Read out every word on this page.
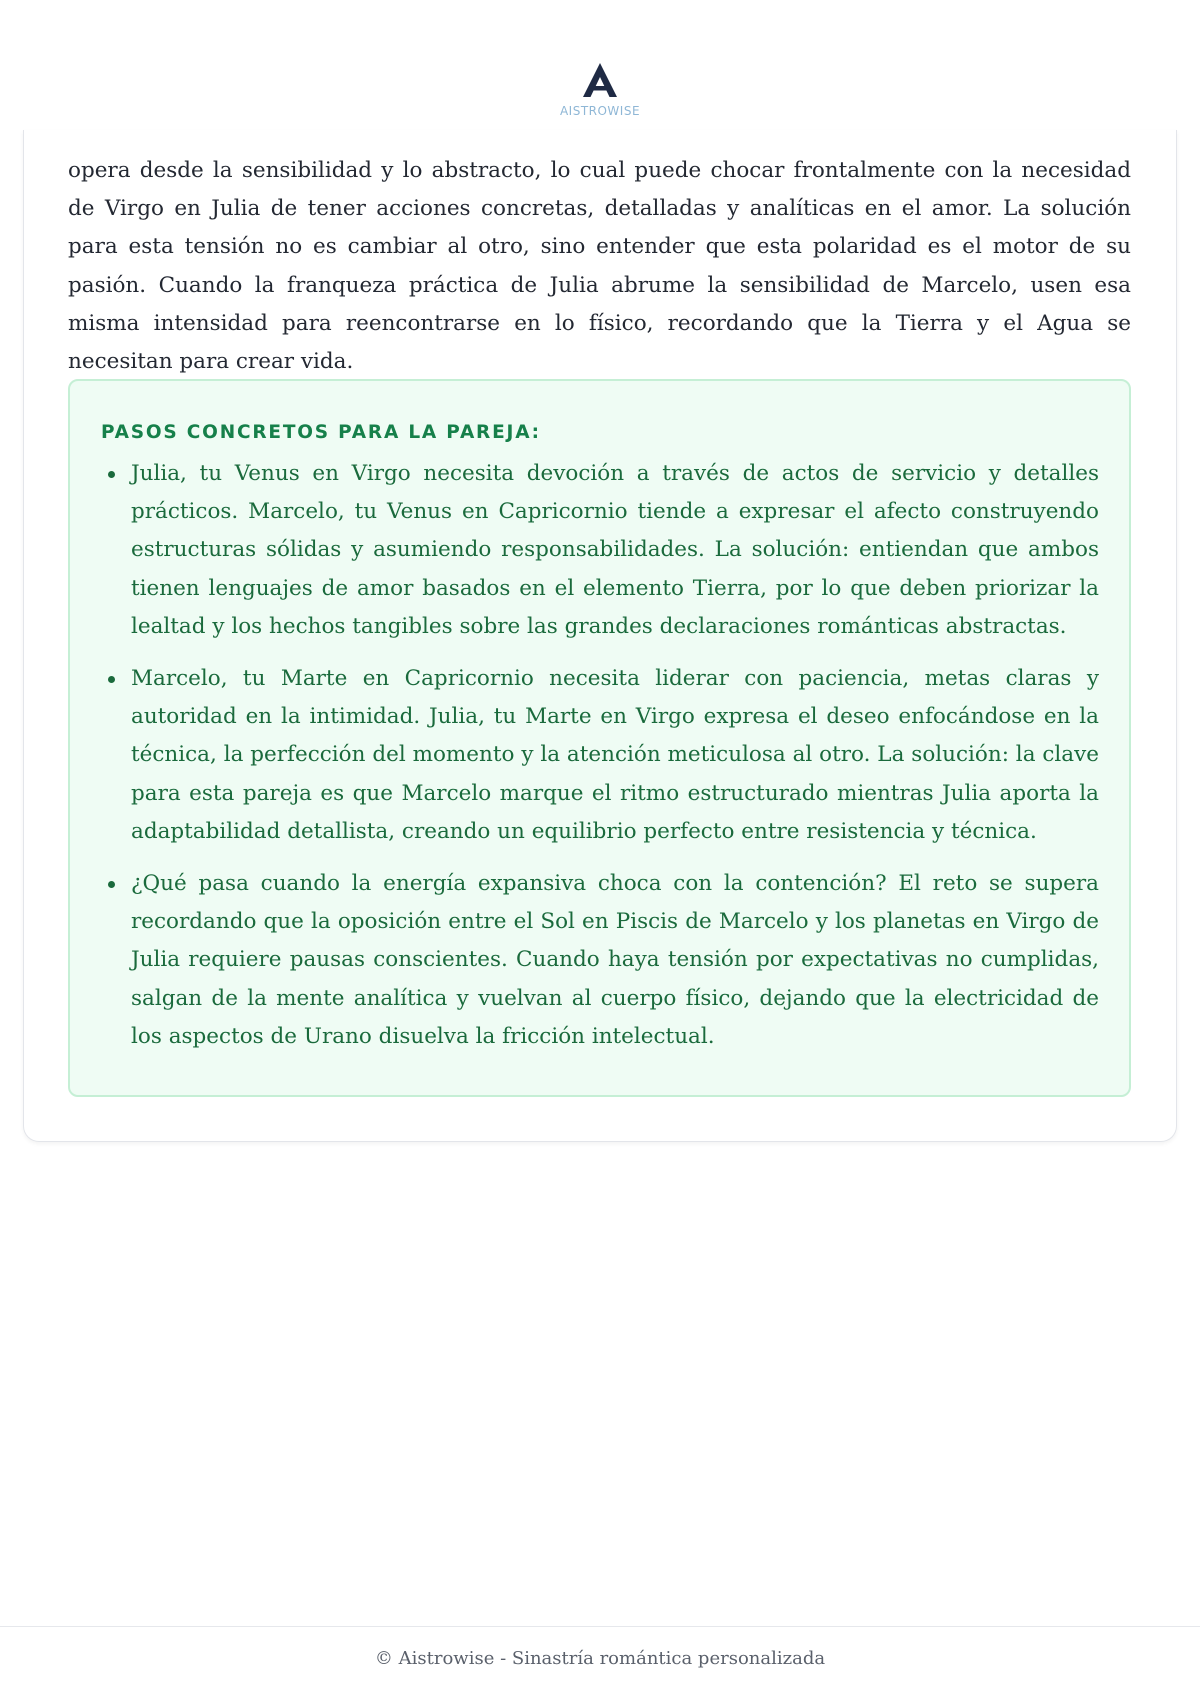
AISTROWISE

opera desde la sensibilidad y lo abstracto, lo cual puede chocar frontalmente con la necesidad de Virgo en Julia de tener acciones concretas, detalladas y analíticas en el amor. La solución para esta tensión no es cambiar al otro, sino entender que esta polaridad es el motor de su pasión. Cuando la franqueza práctica de Julia abrume la sensibilidad de Marcelo, usen esa misma intensidad para reencontrarse en lo físico, recordando que la Tierra y el Agua se necesitan para crear vida.

PASOS CONCRETOS PARA LA PAREJA:
Julia, tu Venus en Virgo necesita devoción a través de actos de servicio y detalles prácticos. Marcelo, tu Venus en Capricornio tiende a expresar el afecto construyendo estructuras sólidas y asumiendo responsabilidades. La solución: entiendan que ambos tienen lenguajes de amor basados en el elemento Tierra, por lo que deben priorizar la lealtad y los hechos tangibles sobre las grandes declaraciones románticas abstractas.
Marcelo, tu Marte en Capricornio necesita liderar con paciencia, metas claras y autoridad en la intimidad. Julia, tu Marte en Virgo expresa el deseo enfocándose en la técnica, la perfección del momento y la atención meticulosa al otro. La solución: la clave para esta pareja es que Marcelo marque el ritmo estructurado mientras Julia aporta la adaptabilidad detallista, creando un equilibrio perfecto entre resistencia y técnica.
¿Qué pasa cuando la energía expansiva choca con la contención? El reto se supera recordando que la oposición entre el Sol en Piscis de Marcelo y los planetas en Virgo de Julia requiere pausas conscientes. Cuando haya tensión por expectativas no cumplidas, salgan de la mente analítica y vuelvan al cuerpo físico, dejando que la electricidad de los aspectos de Urano disuelva la fricción intelectual.
© Aistrowise - Sinastría romántica personalizada
